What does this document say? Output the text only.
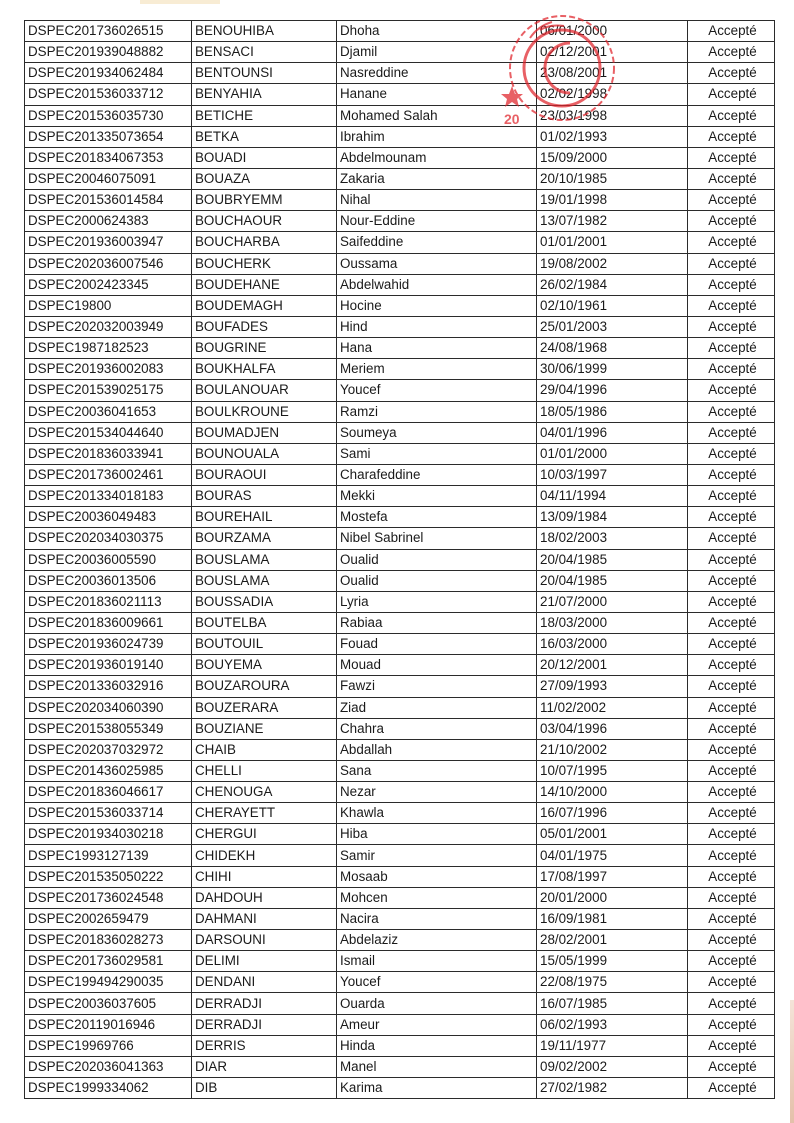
DSPEC201736026515	BENOUHIBA	Dhoha	06/01/2000	Accepté
DSPEC201939048882	BENSACI	Djamil	02/12/2001	Accepté
DSPEC201934062484	BENTOUNSI	Nasreddine	23/08/2001	Accepté
DSPEC201536033712	BENYAHIA	Hanane	02/02/1998	Accepté
DSPEC201536035730	BETICHE	Mohamed Salah	23/03/1998	Accepté
DSPEC201335073654	BETKA	Ibrahim	01/02/1993	Accepté
DSPEC201834067353	BOUADI	Abdelmounam	15/09/2000	Accepté
DSPEC20046075091	BOUAZA	Zakaria	20/10/1985	Accepté
DSPEC201536014584	BOUBRYEMM	Nihal	19/01/1998	Accepté
DSPEC2000624383	BOUCHAOUR	Nour-Eddine	13/07/1982	Accepté
DSPEC201936003947	BOUCHARBA	Saifeddine	01/01/2001	Accepté
DSPEC202036007546	BOUCHERK	Oussama	19/08/2002	Accepté
DSPEC2002423345	BOUDEHANE	Abdelwahid	26/02/1984	Accepté
DSPEC19800	BOUDEMAGH	Hocine	02/10/1961	Accepté
DSPEC202032003949	BOUFADES	Hind	25/01/2003	Accepté
DSPEC1987182523	BOUGRINE	Hana	24/08/1968	Accepté
DSPEC201936002083	BOUKHALFA	Meriem	30/06/1999	Accepté
DSPEC201539025175	BOULANOUAR	Youcef	29/04/1996	Accepté
DSPEC20036041653	BOULKROUNE	Ramzi	18/05/1986	Accepté
DSPEC201534044640	BOUMADJEN	Soumeya	04/01/1996	Accepté
DSPEC201836033941	BOUNOUALA	Sami	01/01/2000	Accepté
DSPEC201736002461	BOURAOUI	Charafeddine	10/03/1997	Accepté
DSPEC201334018183	BOURAS	Mekki	04/11/1994	Accepté
DSPEC20036049483	BOUREHAIL	Mostefa	13/09/1984	Accepté
DSPEC202034030375	BOURZAMA	Nibel Sabrinel	18/02/2003	Accepté
DSPEC20036005590	BOUSLAMA	Oualid	20/04/1985	Accepté
DSPEC20036013506	BOUSLAMA	Oualid	20/04/1985	Accepté
DSPEC201836021113	BOUSSADIA	Lyria	21/07/2000	Accepté
DSPEC201836009661	BOUTELBA	Rabiaa	18/03/2000	Accepté
DSPEC201936024739	BOUTOUIL	Fouad	16/03/2000	Accepté
DSPEC201936019140	BOUYEMA	Mouad	20/12/2001	Accepté
DSPEC201336032916	BOUZAROURA	Fawzi	27/09/1993	Accepté
DSPEC202034060390	BOUZERARA	Ziad	11/02/2002	Accepté
DSPEC201538055349	BOUZIANE	Chahra	03/04/1996	Accepté
DSPEC202037032972	CHAIB	Abdallah	21/10/2002	Accepté
DSPEC201436025985	CHELLI	Sana	10/07/1995	Accepté
DSPEC201836046617	CHENOUGA	Nezar	14/10/2000	Accepté
DSPEC201536033714	CHERAYETT	Khawla	16/07/1996	Accepté
DSPEC201934030218	CHERGUI	Hiba	05/01/2001	Accepté
DSPEC1993127139	CHIDEKH	Samir	04/01/1975	Accepté
DSPEC201535050222	CHIHI	Mosaab	17/08/1997	Accepté
DSPEC201736024548	DAHDOUH	Mohcen	20/01/2000	Accepté
DSPEC2002659479	DAHMANI	Nacira	16/09/1981	Accepté
DSPEC201836028273	DARSOUNI	Abdelaziz	28/02/2001	Accepté
DSPEC201736029581	DELIMI	Ismail	15/05/1999	Accepté
DSPEC199494290035	DENDANI	Youcef	22/08/1975	Accepté
DSPEC20036037605	DERRADJI	Ouarda	16/07/1985	Accepté
DSPEC20119016946	DERRADJI	Ameur	06/02/1993	Accepté
DSPEC19969766	DERRIS	Hinda	19/11/1977	Accepté
DSPEC202036041363	DIAR	Manel	09/02/2002	Accepté
DSPEC1999334062	DIB	Karima	27/02/1982	Accepté
20
